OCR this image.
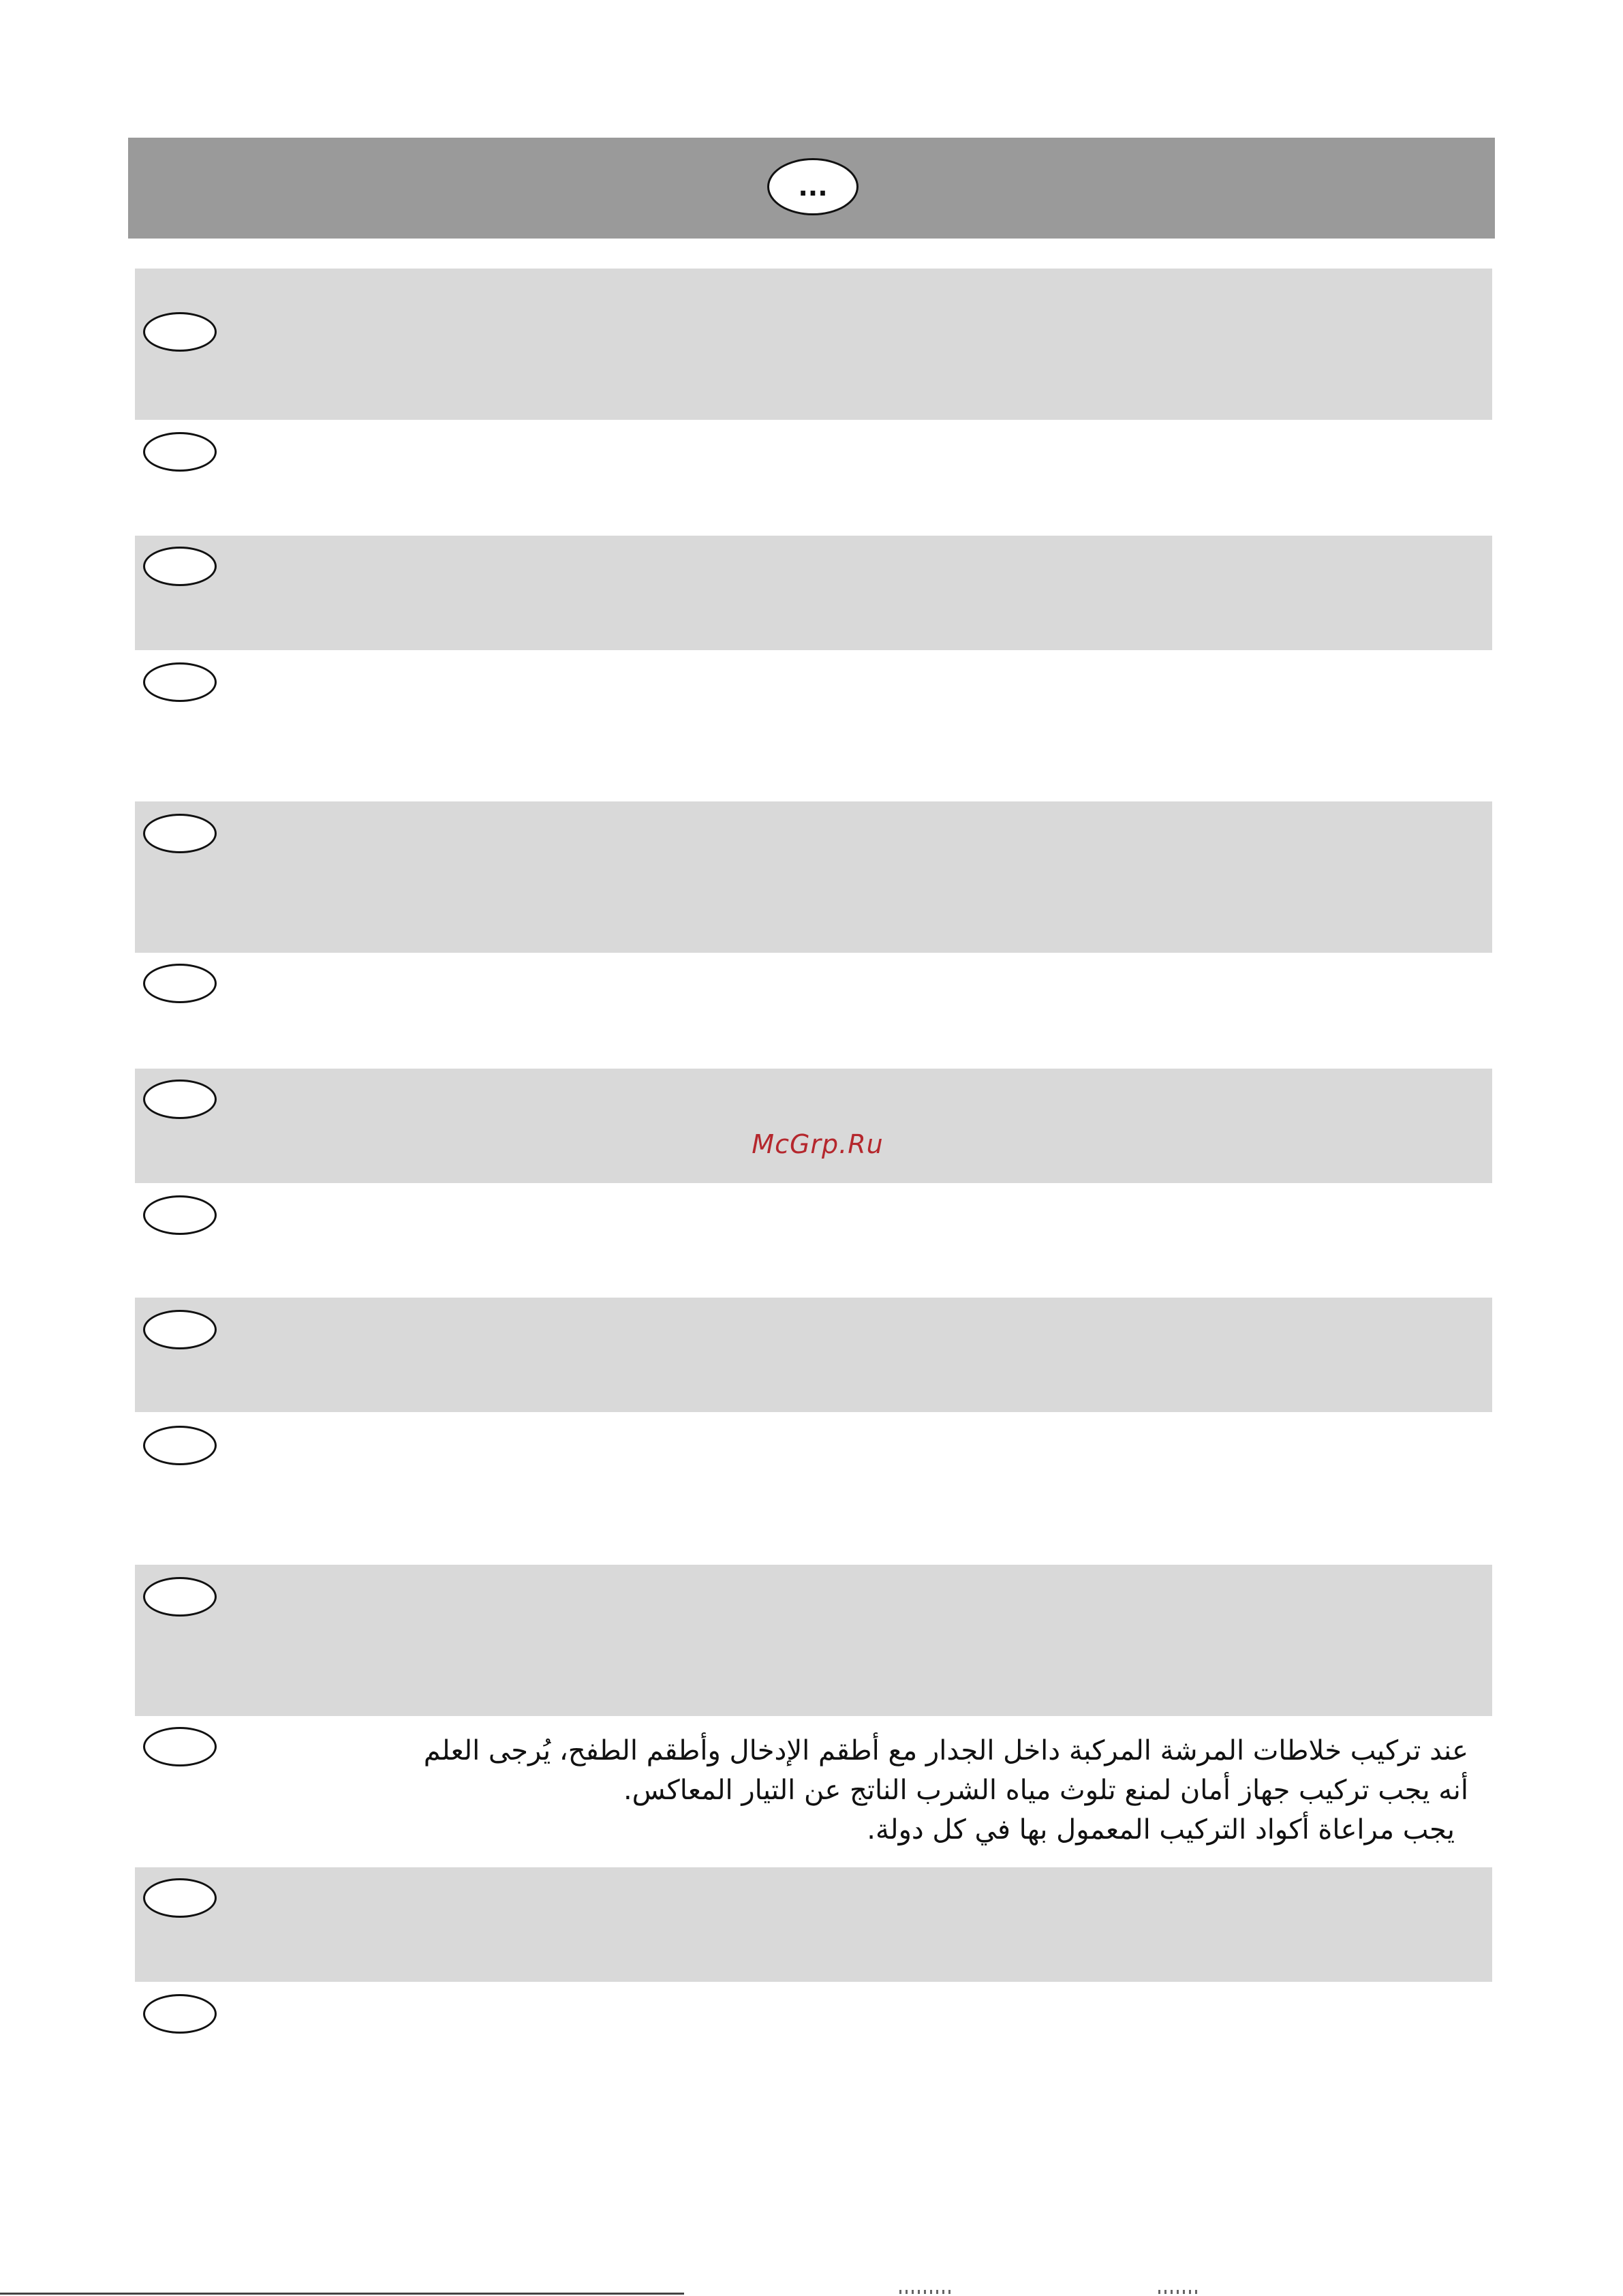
...
McGrp.Ru

عند تركيب خلاطات المرشة المركبة داخل الجدار مع أطقم الإدخال وأطقم الطفح، يُرجى العلم

أنه يجب تركيب جهاز أمان لمنع تلوث مياه الشرب الناتج عن التيار المعاكس.

يجب مراعاة أكواد التركيب المعمول بها في كل دولة.
